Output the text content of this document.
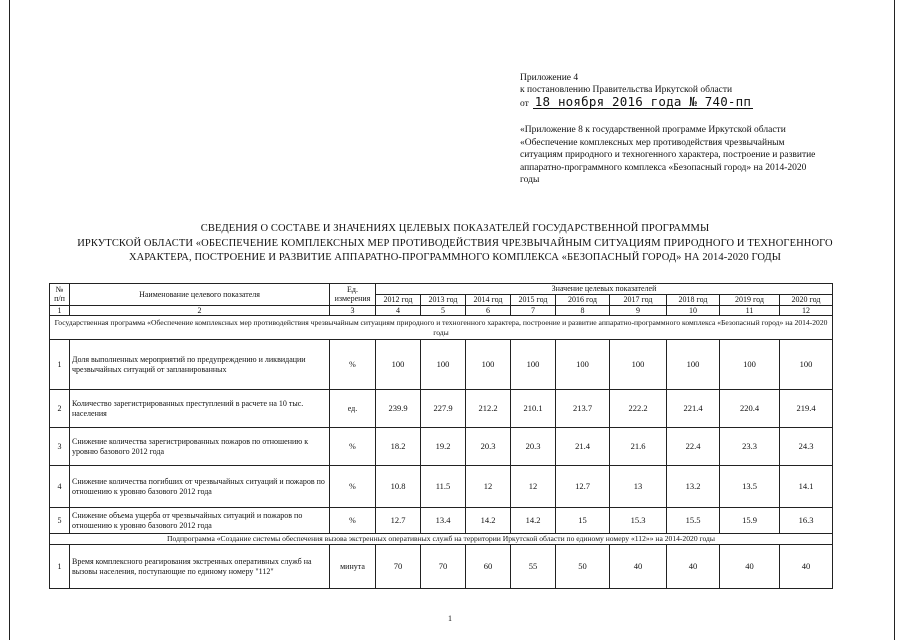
Приложение 4
к постановлению Правительства Иркутской области
от 18 ноября 2016 года № 740-пп
«Приложение 8 к государственной программе Иркутской области «Обеспечение комплексных мер противодействия чрезвычайным ситуациям природного и техногенного характера, построение и развитие аппаратно-программного комплекса «Безопасный город» на 2014-2020 годы
СВЕДЕНИЯ О СОСТАВЕ И ЗНАЧЕНИЯХ ЦЕЛЕВЫХ ПОКАЗАТЕЛЕЙ ГОСУДАРСТВЕННОЙ ПРОГРАММЫ
ИРКУТСКОЙ ОБЛАСТИ «ОБЕСПЕЧЕНИЕ КОМПЛЕКСНЫХ МЕР ПРОТИВОДЕЙСТВИЯ ЧРЕЗВЫЧАЙНЫМ СИТУАЦИЯМ ПРИРОДНОГО И ТЕХНОГЕННОГО
ХАРАКТЕРА, ПОСТРОЕНИЕ И РАЗВИТИЕ АППАРАТНО-ПРОГРАММНОГО КОМПЛЕКСА «БЕЗОПАСНЫЙ ГОРОД» НА 2014-2020 ГОДЫ
№ п/п	Наименование целевого показателя	Ед. измерения	Значение целевых показателей								
			2012 год	2013 год	2014 год	2015 год	2016 год	2017 год	2018 год	2019 год	2020 год
1	2	3	4	5	6	7	8	9	10	11	12
Государственная программа «Обеспечение комплексных мер противодействия чрезвычайным ситуациям природного и техногенного характера, построение и развитие аппаратно-программного комплекса «Безопасный город» на 2014-2020 годы											
1	Доля выполненных мероприятий по предупреждению и ликвидации чрезвычайных ситуаций от запланированных	%	100	100	100	100	100	100	100	100	100
2	Количество зарегистрированных преступлений в расчете на 10 тыс. населения	ед.	239.9	227.9	212.2	210.1	213.7	222.2	221.4	220.4	219.4
3	Снижение количества зарегистрированных пожаров по отношению к уровню базового 2012 года	%	18.2	19.2	20.3	20.3	21.4	21.6	22.4	23.3	24.3
4	Снижение количества погибших от чрезвычайных ситуаций и пожаров по отношению к уровню базового 2012 года	%	10.8	11.5	12	12	12.7	13	13.2	13.5	14.1
5	Снижение объема ущерба от чрезвычайных ситуаций и пожаров по отношению к уровню базового 2012 года	%	12.7	13.4	14.2	14.2	15	15.3	15.5	15.9	16.3
Подпрограмма «Создание системы обеспечения вызова экстренных оперативных служб на территории Иркутской области по единому номеру «112»» на 2014-2020 годы											
1	Время комплексного реагирования экстренных оперативных служб на вызовы населения, поступающие по единому номеру "112"	минута	70	70	60	55	50	40	40	40	40
1
